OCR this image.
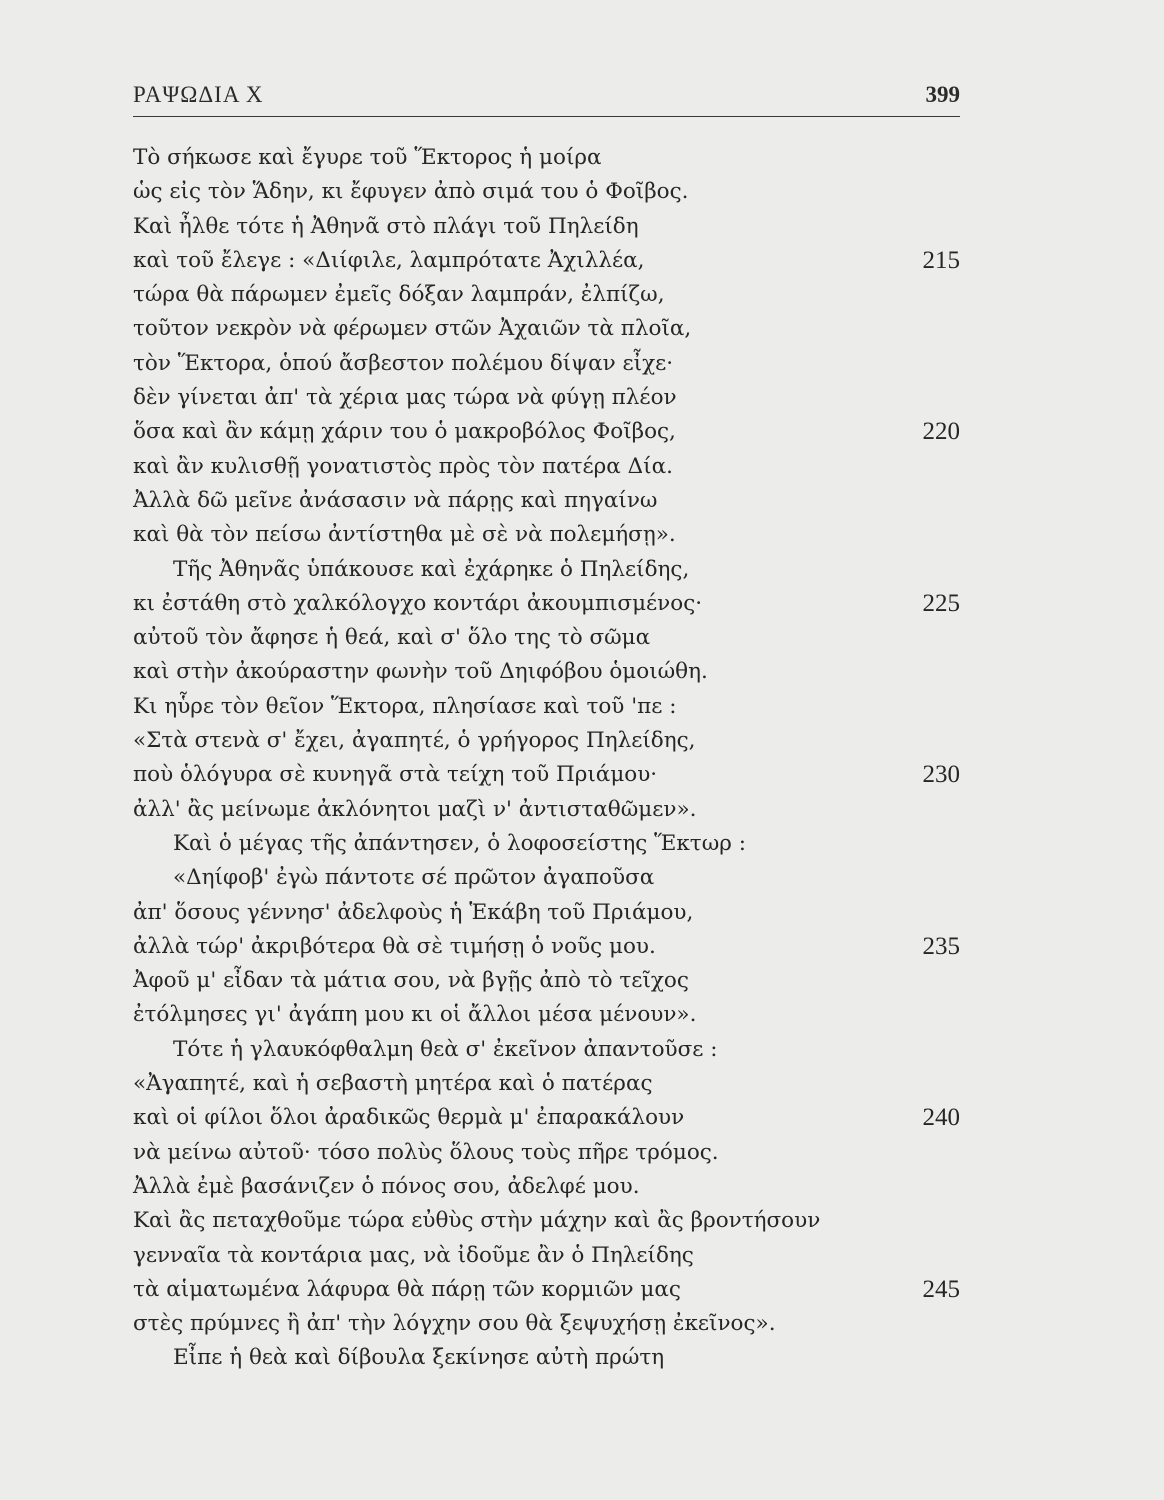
ΡΑΨΩΔΙΑ Χ	399
Τὸ σήκωσε καὶ ἔγυρε τοῦ Ἕκτορος ἡ μοίρα
ὡς εἰς τὸν Ἅδην, κι ἔφυγεν ἀπὸ σιμά του ὁ Φοῖβος.
Καὶ ἦλθε τότε ἡ Ἀθηνᾶ στὸ πλάγι τοῦ Πηλείδη
καὶ τοῦ ἔλεγε : «Διίφιλε, λαμπρότατε Ἀχιλλέα,	215
τώρα θὰ πάρωμεν ἐμεῖς δόξαν λαμπράν, ἐλπίζω,
τοῦτον νεκρὸν νὰ φέρωμεν στῶν Ἀχαιῶν τὰ πλοῖα,
τὸν Ἕκτορα, ὁπού ἄσβεστον πολέμου δίψαν εἶχε·
δὲν γίνεται ἀπ' τὰ χέρια μας τώρα νὰ φύγῃ πλέον
ὅσα καὶ ἂν κάμῃ χάριν του ὁ μακροβόλος Φοῖβος,	220
καὶ ἂν κυλισθῇ γονατιστὸς πρὸς τὸν πατέρα Δία.
Ἀλλὰ δῶ μεῖνε ἀνάσασιν νὰ πάρῃς καὶ πηγαίνω
καὶ θὰ τὸν πείσω ἀντίστηθα μὲ σὲ νὰ πολεμήσῃ».
Τῆς Ἀθηνᾶς ὑπάκουσε καὶ ἐχάρηκε ὁ Πηλείδης,
κι ἐστάθη στὸ χαλκόλογχο κοντάρι ἀκουμπισμένος·	225
αὐτοῦ τὸν ἄφησε ἡ θεά, καὶ σ' ὅλο της τὸ σῶμα
καὶ στὴν ἀκούραστην φωνὴν τοῦ Δηιφόβου ὁμοιώθη.
Κι ηὗρε τὸν θεῖον Ἕκτορα, πλησίασε καὶ τοῦ 'πε :
«Στὰ στενὰ σ' ἔχει, ἀγαπητέ, ὁ γρήγορος Πηλείδης,
ποὺ ὁλόγυρα σὲ κυνηγᾶ στὰ τείχη τοῦ Πριάμου·	230
ἀλλ' ἂς μείνωμε ἀκλόνητοι μαζὶ ν' ἀντισταθῶμεν».
Καὶ ὁ μέγας τῆς ἀπάντησεν, ὁ λοφοσείστης Ἕκτωρ :
«Δηίφοβ' ἐγὼ πάντοτε σέ πρῶτον ἀγαποῦσα
ἀπ' ὅσους γέννησ' ἀδελφοὺς ἡ Ἑκάβη τοῦ Πριάμου,
ἀλλὰ τώρ' ἀκριβότερα θὰ σὲ τιμήσῃ ὁ νοῦς μου.	235
Ἀφοῦ μ' εἶδαν τὰ μάτια σου, νὰ βγῇς ἀπὸ τὸ τεῖχος
ἐτόλμησες γι' ἀγάπη μου κι οἱ ἄλλοι μέσα μένουν».
Τότε ἡ γλαυκόφθαλμη θεὰ σ' ἐκεῖνον ἀπαντοῦσε :
«Ἀγαπητέ, καὶ ἡ σεβαστὴ μητέρα καὶ ὁ πατέρας
καὶ οἱ φίλοι ὅλοι ἀραδικῶς θερμὰ μ' ἐπαρακάλουν	240
νὰ μείνω αὐτοῦ· τόσο πολὺς ὅλους τοὺς πῆρε τρόμος.
Ἀλλὰ ἐμὲ βασάνιζεν ὁ πόνος σου, ἀδελφέ μου.
Καὶ ἂς πεταχθοῦμε τώρα εὐθὺς στὴν μάχην καὶ ἂς βροντήσουν
γενναῖα τὰ κοντάρια μας, νὰ ἰδοῦμε ἂν ὁ Πηλείδης
τὰ αἱματωμένα λάφυρα θὰ πάρῃ τῶν κορμιῶν μας	245
στὲς πρύμνες ἢ ἀπ' τὴν λόγχην σου θὰ ξεψυχήσῃ ἐκεῖνος».
Εἶπε ἡ θεὰ καὶ δίβουλα ξεκίνησε αὐτὴ πρώτη
